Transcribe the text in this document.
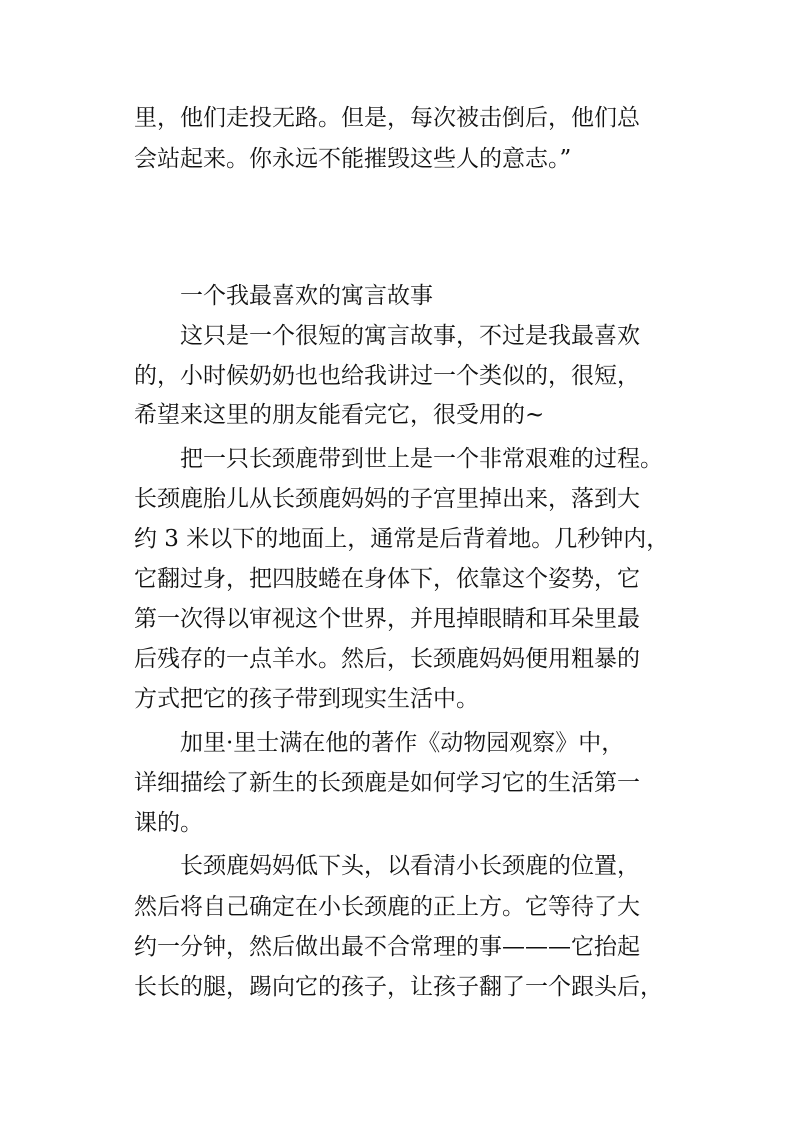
里，他们走投无路。但是，每次被击倒后，他们总
会站起来。你永远不能摧毁这些人的意志。”
一个我最喜欢的寓言故事
这只是一个很短的寓言故事，不过是我最喜欢
的，小时候奶奶也也给我讲过一个类似的，很短，
希望来这里的朋友能看完它，很受用的~
把一只长颈鹿带到世上是一个非常艰难的过程。
长颈鹿胎儿从长颈鹿妈妈的子宫里掉出来，落到大
约 3 米以下的地面上，通常是后背着地。几秒钟内，
它翻过身，把四肢蜷在身体下，依靠这个姿势，它
第一次得以审视这个世界，并甩掉眼睛和耳朵里最
后残存的一点羊水。然后，长颈鹿妈妈便用粗暴的
方式把它的孩子带到现实生活中。
加里·里士满在他的著作《动物园观察》中，
详细描绘了新生的长颈鹿是如何学习它的生活第一
课的。
长颈鹿妈妈低下头，以看清小长颈鹿的位置，
然后将自己确定在小长颈鹿的正上方。它等待了大
约一分钟，然后做出最不合常理的事———它抬起
长长的腿，踢向它的孩子，让孩子翻了一个跟头后，
